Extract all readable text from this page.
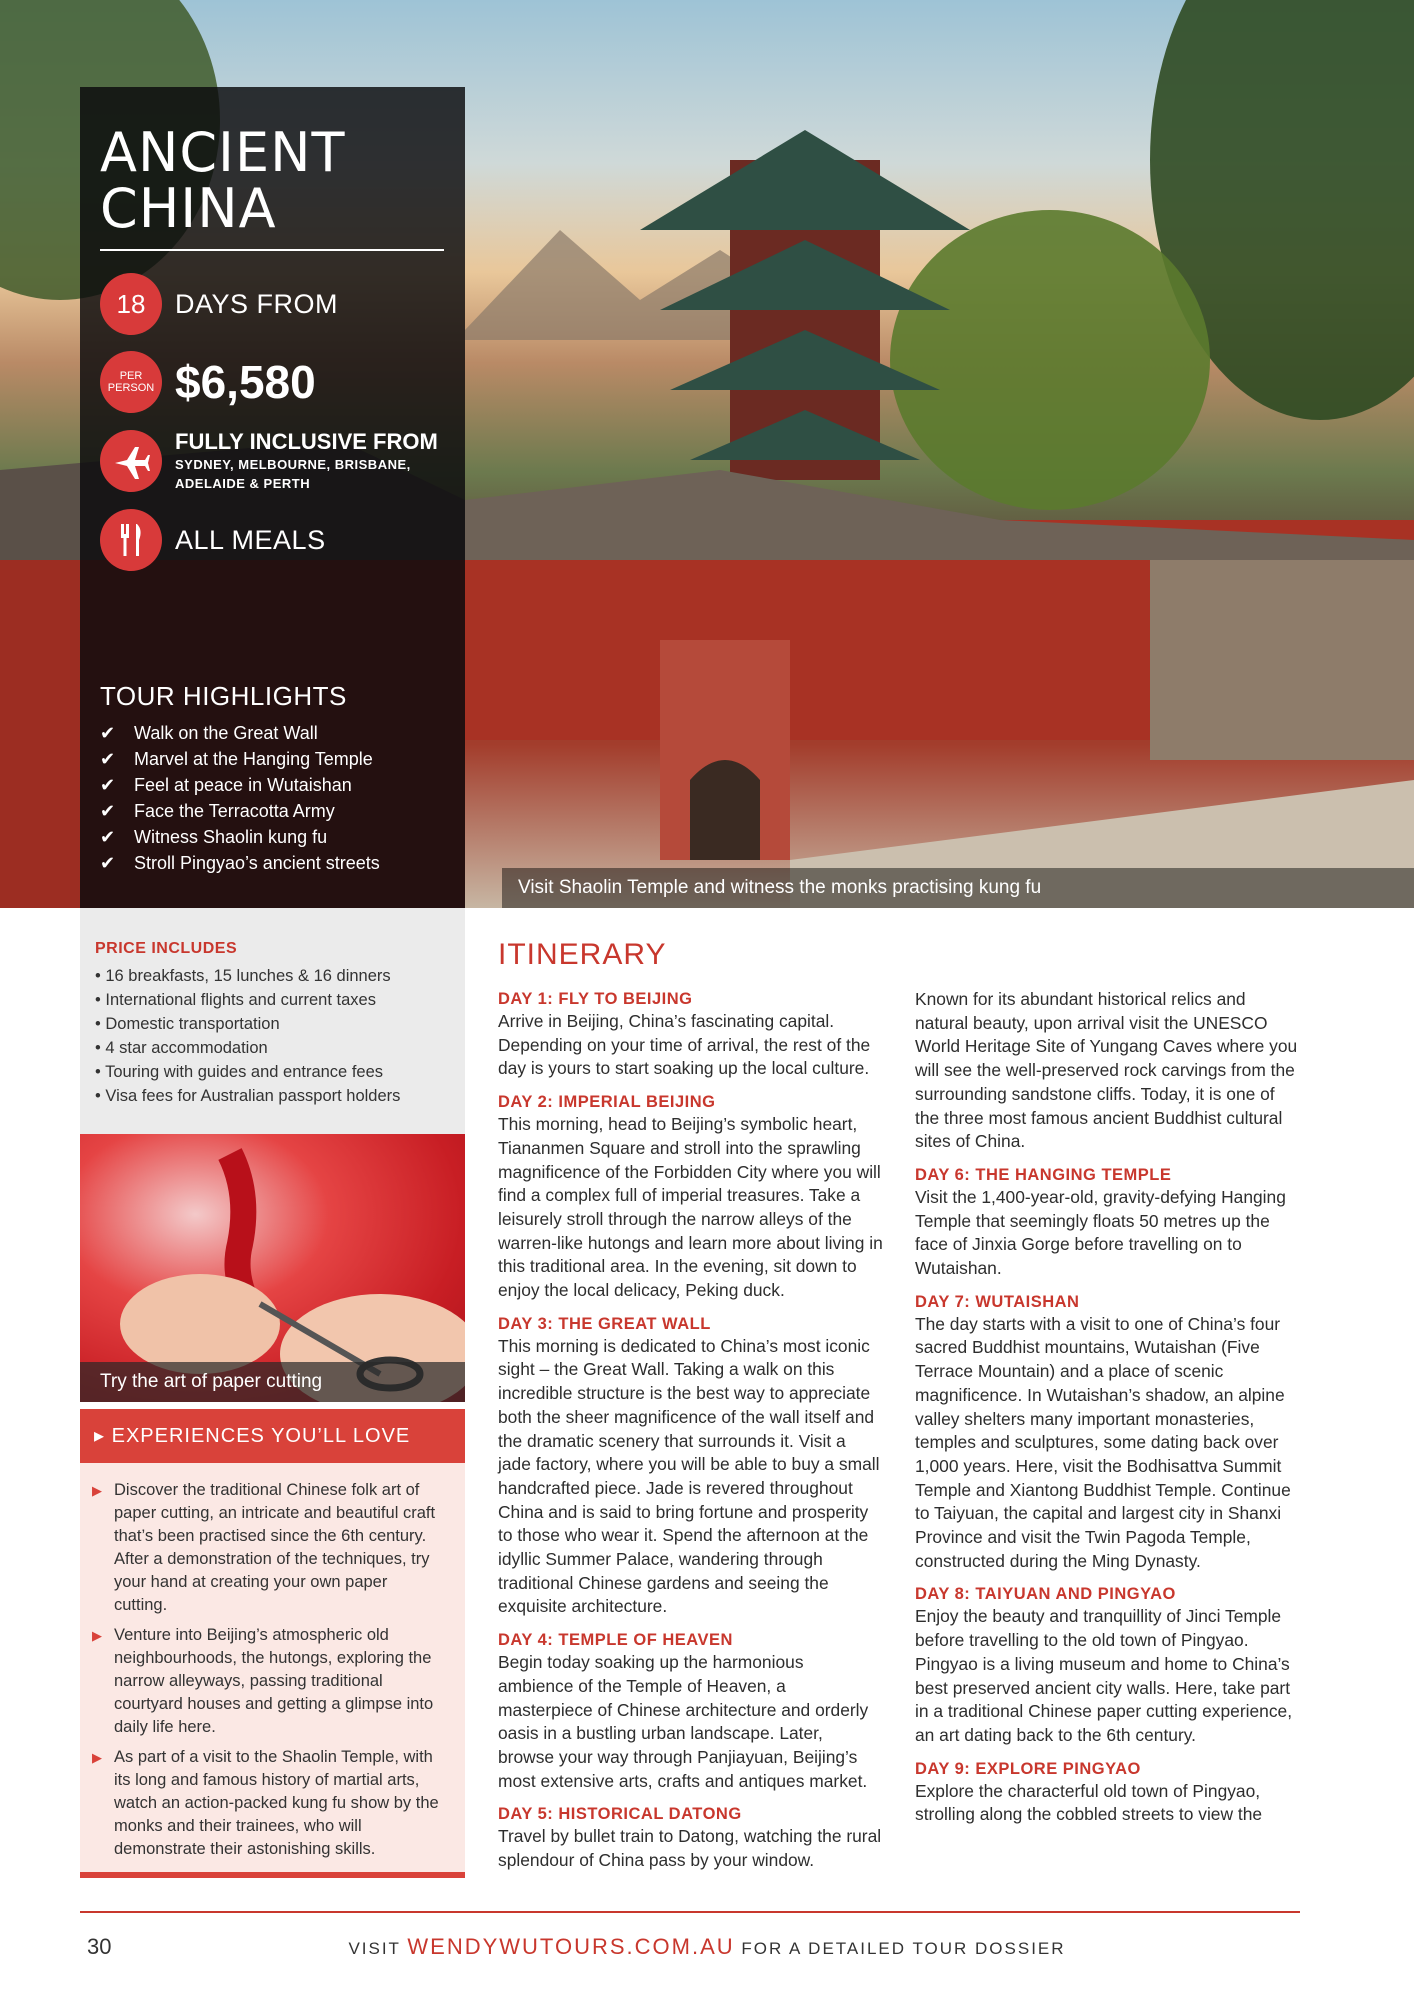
ANCIENT
CHINA
18 DAYS FROM
PER PERSON $6,580
FULLY INCLUSIVE FROM
SYDNEY, MELBOURNE, BRISBANE,
ADELAIDE & PERTH
ALL MEALS
TOUR HIGHLIGHTS
✔	Walk on the Great Wall
✔	Marvel at the Hanging Temple
✔	Feel at peace in Wutaishan
✔	Face the Terracotta Army
✔	Witness Shaolin kung fu
✔	Stroll Pingyao’s ancient streets
Visit Shaolin Temple and witness the monks practising kung fu
PRICE INCLUDES
• 16 breakfasts, 15 lunches & 16 dinners
• International flights and current taxes
• Domestic transportation
• 4 star accommodation
• Touring with guides and entrance fees
• Visa fees for Australian passport holders
Try the art of paper cutting
▸ EXPERIENCES YOU’LL LOVE
▶ Discover the traditional Chinese folk art of paper cutting, an intricate and beautiful craft that’s been practised since the 6th century. After a demonstration of the techniques, try your hand at creating your own paper cutting.
▶ Venture into Beijing’s atmospheric old neighbourhoods, the hutongs, exploring the narrow alleyways, passing traditional courtyard houses and getting a glimpse into daily life here.
▶ As part of a visit to the Shaolin Temple, with its long and famous history of martial arts, watch an action-packed kung fu show by the monks and their trainees, who will demonstrate their astonishing skills.
ITINERARY
DAY 1: FLY TO BEIJING
Arrive in Beijing, China’s fascinating capital. Depending on your time of arrival, the rest of the day is yours to start soaking up the local culture.
DAY 2: IMPERIAL BEIJING
This morning, head to Beijing’s symbolic heart, Tiananmen Square and stroll into the sprawling magnificence of the Forbidden City where you will find a complex full of imperial treasures. Take a leisurely stroll through the narrow alleys of the warren-like hutongs and learn more about living in this traditional area. In the evening, sit down to enjoy the local delicacy, Peking duck.
DAY 3: THE GREAT WALL
This morning is dedicated to China’s most iconic sight – the Great Wall. Taking a walk on this incredible structure is the best way to appreciate both the sheer magnificence of the wall itself and the dramatic scenery that surrounds it. Visit a jade factory, where you will be able to buy a small handcrafted piece. Jade is revered throughout China and is said to bring fortune and prosperity to those who wear it. Spend the afternoon at the idyllic Summer Palace, wandering through traditional Chinese gardens and seeing the exquisite architecture.
DAY 4: TEMPLE OF HEAVEN
Begin today soaking up the harmonious ambience of the Temple of Heaven, a masterpiece of Chinese architecture and orderly oasis in a bustling urban landscape. Later, browse your way through Panjiayuan, Beijing’s most extensive arts, crafts and antiques market.
DAY 5: HISTORICAL DATONG
Travel by bullet train to Datong, watching the rural splendour of China pass by your window.
Known for its abundant historical relics and natural beauty, upon arrival visit the UNESCO World Heritage Site of Yungang Caves where you will see the well-preserved rock carvings from the surrounding sandstone cliffs. Today, it is one of the three most famous ancient Buddhist cultural sites of China.
DAY 6: THE HANGING TEMPLE
Visit the 1,400-year-old, gravity-defying Hanging Temple that seemingly floats 50 metres up the face of Jinxia Gorge before travelling on to Wutaishan.
DAY 7: WUTAISHAN
The day starts with a visit to one of China’s four sacred Buddhist mountains, Wutaishan (Five Terrace Mountain) and a place of scenic magnificence. In Wutaishan’s shadow, an alpine valley shelters many important monasteries, temples and sculptures, some dating back over 1,000 years. Here, visit the Bodhisattva Summit Temple and Xiantong Buddhist Temple. Continue to Taiyuan, the capital and largest city in Shanxi Province and visit the Twin Pagoda Temple, constructed during the Ming Dynasty.
DAY 8: TAIYUAN AND PINGYAO
Enjoy the beauty and tranquillity of Jinci Temple before travelling to the old town of Pingyao. Pingyao is a living museum and home to China’s best preserved ancient city walls. Here, take part in a traditional Chinese paper cutting experience, an art dating back to the 6th century.
DAY 9: EXPLORE PINGYAO
Explore the characterful old town of Pingyao, strolling along the cobbled streets to view the
30	VISIT WENDYWUTOURS.COM.AU FOR A DETAILED TOUR DOSSIER
